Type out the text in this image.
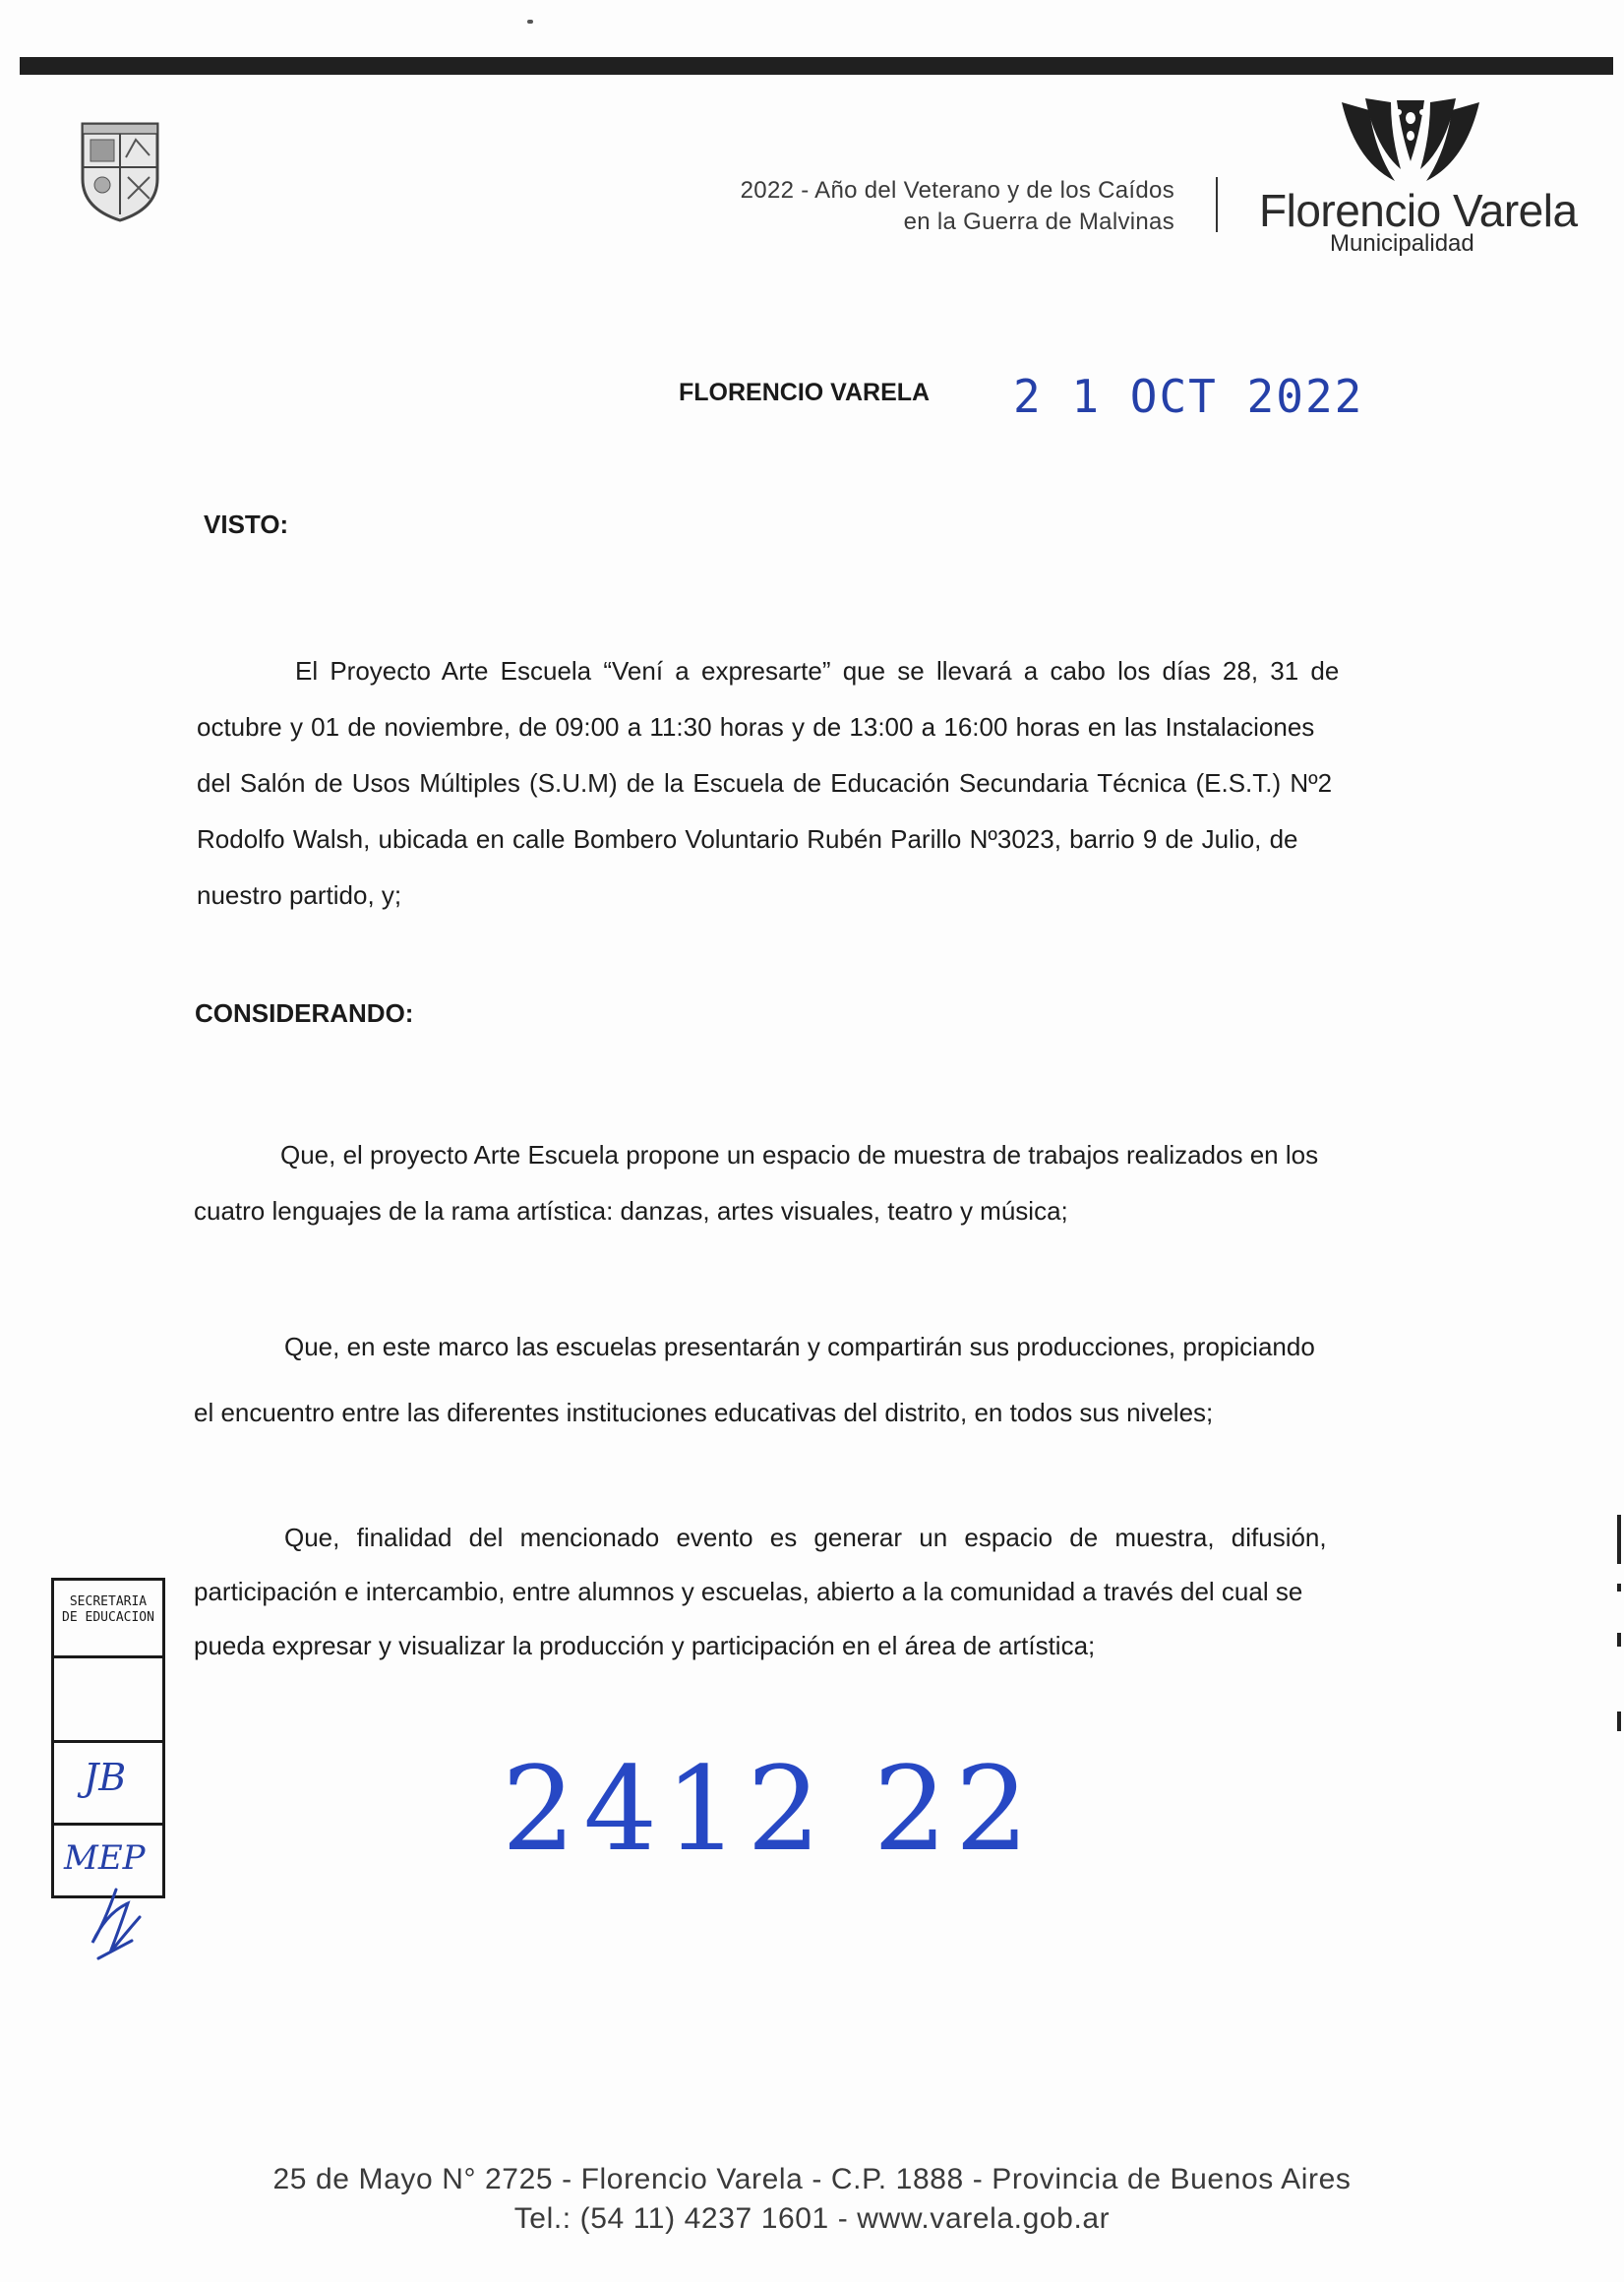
2022 - Año del Veterano y de los Caídos
en la Guerra de Malvinas Florencio Varela
Municipalidad
FLORENCIO VARELA 2 1 OCT 2022
VISTO:
El Proyecto Arte Escuela “Vení a expresarte” que se llevará a cabo los días 28, 31 de
octubre y 01 de noviembre, de 09:00 a 11:30 horas y de 13:00 a 16:00 horas en las Instalaciones
del Salón de Usos Múltiples (S.U.M) de la Escuela de Educación Secundaria Técnica (E.S.T.) Nº2
Rodolfo Walsh, ubicada en calle Bombero Voluntario Rubén Parillo Nº3023, barrio 9 de Julio, de
nuestro partido, y;
CONSIDERANDO:
Que, el proyecto Arte Escuela propone un espacio de muestra de trabajos realizados en los
cuatro lenguajes de la rama artística: danzas, artes visuales, teatro y música;
Que, en este marco las escuelas presentarán y compartirán sus producciones, propiciando
el encuentro entre las diferentes instituciones educativas del distrito, en todos sus niveles;
Que, finalidad del mencionado evento es generar un espacio de muestra, difusión,
participación e intercambio, entre alumnos y escuelas, abierto a la comunidad a través del cual se
pueda expresar y visualizar la producción y participación en el área de artística;
SECRETARIA
DE EDUCACION
JB
MEP	2412 22
25 de Mayo N° 2725 - Florencio Varela - C.P. 1888 - Provincia de Buenos Aires
Tel.: (54 11) 4237 1601 - www.varela.gob.ar
